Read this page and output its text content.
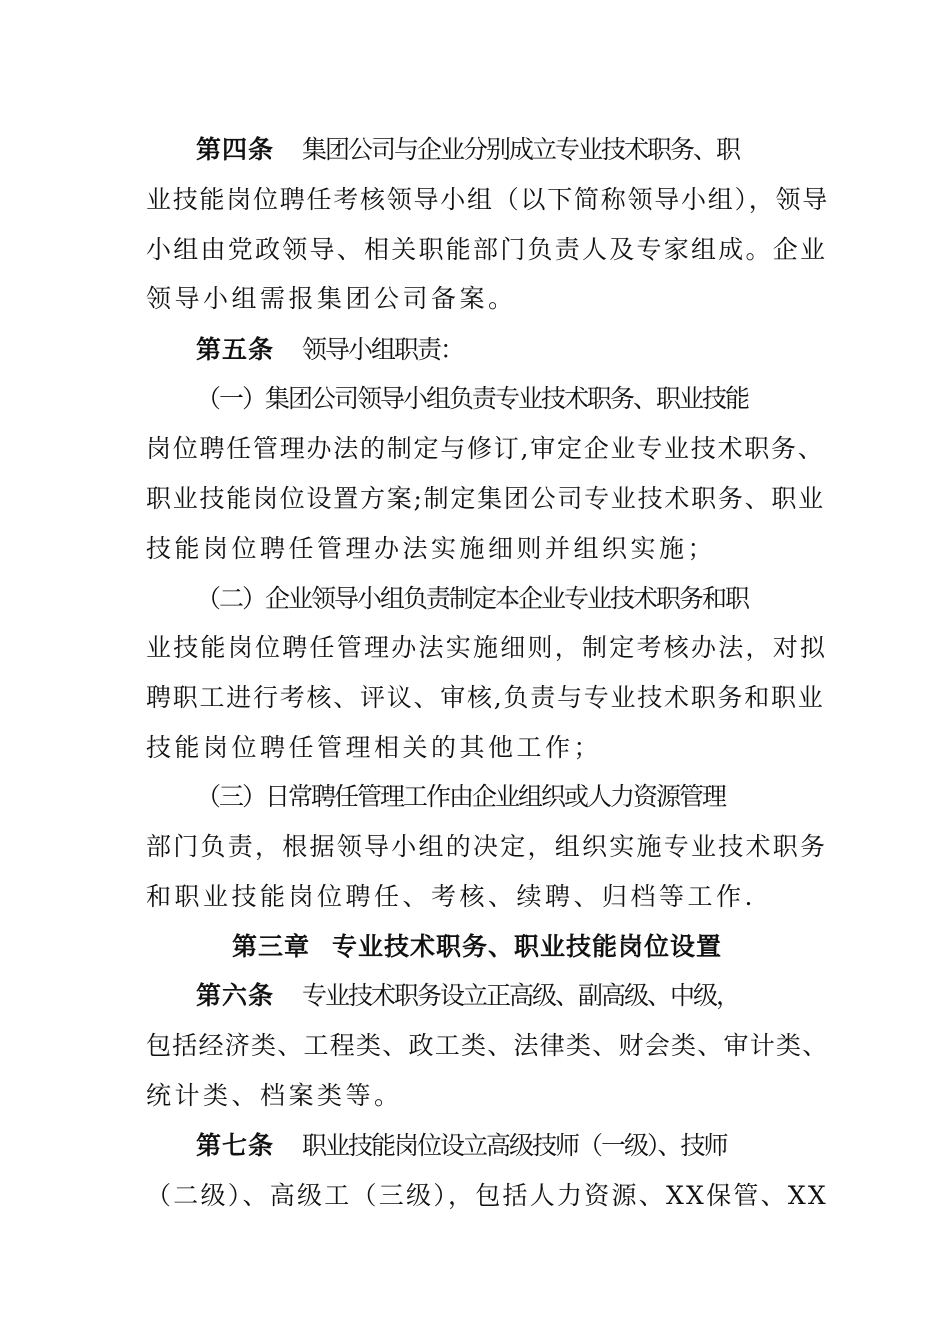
第四条 集团公司与企业分别成立专业技术职务、职
业技能岗位聘任考核领导小组（以下简称领导小组），领导
小组由党政领导、相关职能部门负责人及专家组成。企业
领导小组需报集团公司备案。
第五条 领导小组职责：
（一）集团公司领导小组负责专业技术职务、职业技能
岗位聘任管理办法的制定与修订,审定企业专业技术职务、
职业技能岗位设置方案;制定集团公司专业技术职务、职业
技能岗位聘任管理办法实施细则并组织实施；
（二）企业领导小组负责制定本企业专业技术职务和职
业技能岗位聘任管理办法实施细则，制定考核办法，对拟
聘职工进行考核、评议、审核,负责与专业技术职务和职业
技能岗位聘任管理相关的其他工作；
（三）日常聘任管理工作由企业组织或人力资源管理
部门负责，根据领导小组的决定，组织实施专业技术职务
和职业技能岗位聘任、考核、续聘、归档等工作.
第三章 专业技术职务、职业技能岗位设置
第六条 专业技术职务设立正高级、副高级、中级，
包括经济类、工程类、政工类、法律类、财会类、审计类、
统计类、档案类等。
第七条 职业技能岗位设立高级技师（一级）、技师
（二级）、高级工（三级），包括人力资源、XX保管、XX
